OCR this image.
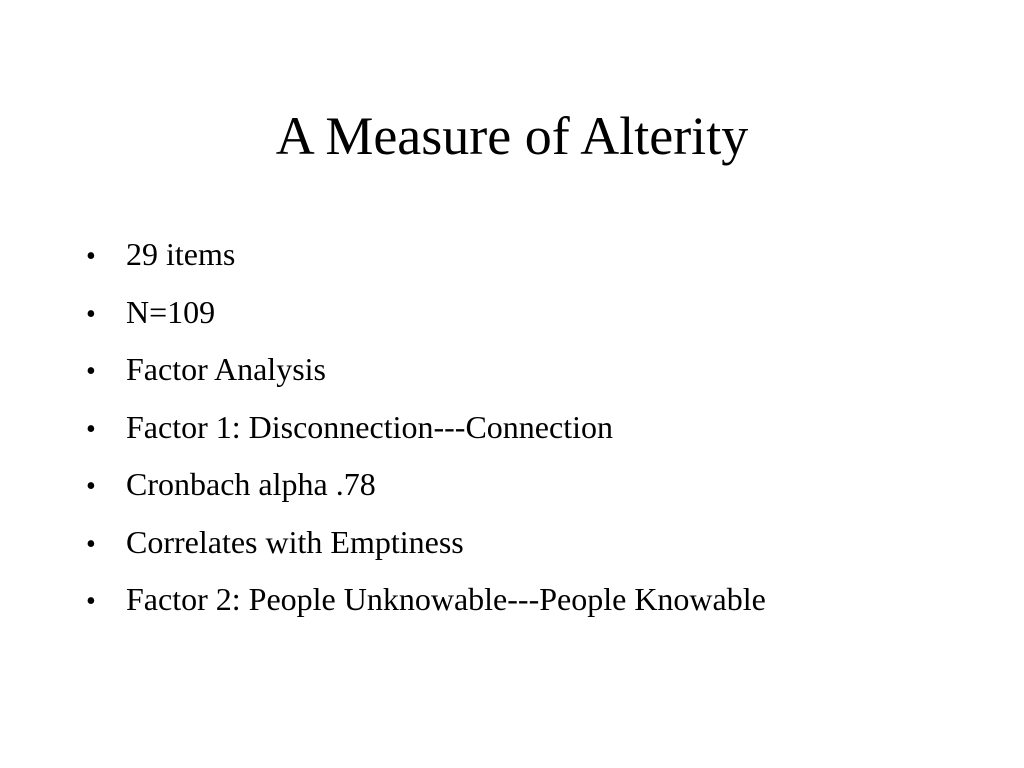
A Measure of Alterity
• 29 items
• N=109
• Factor Analysis
• Factor 1: Disconnection---Connection
• Cronbach alpha .78
• Correlates with Emptiness
• Factor 2: People Unknowable---People Knowable
